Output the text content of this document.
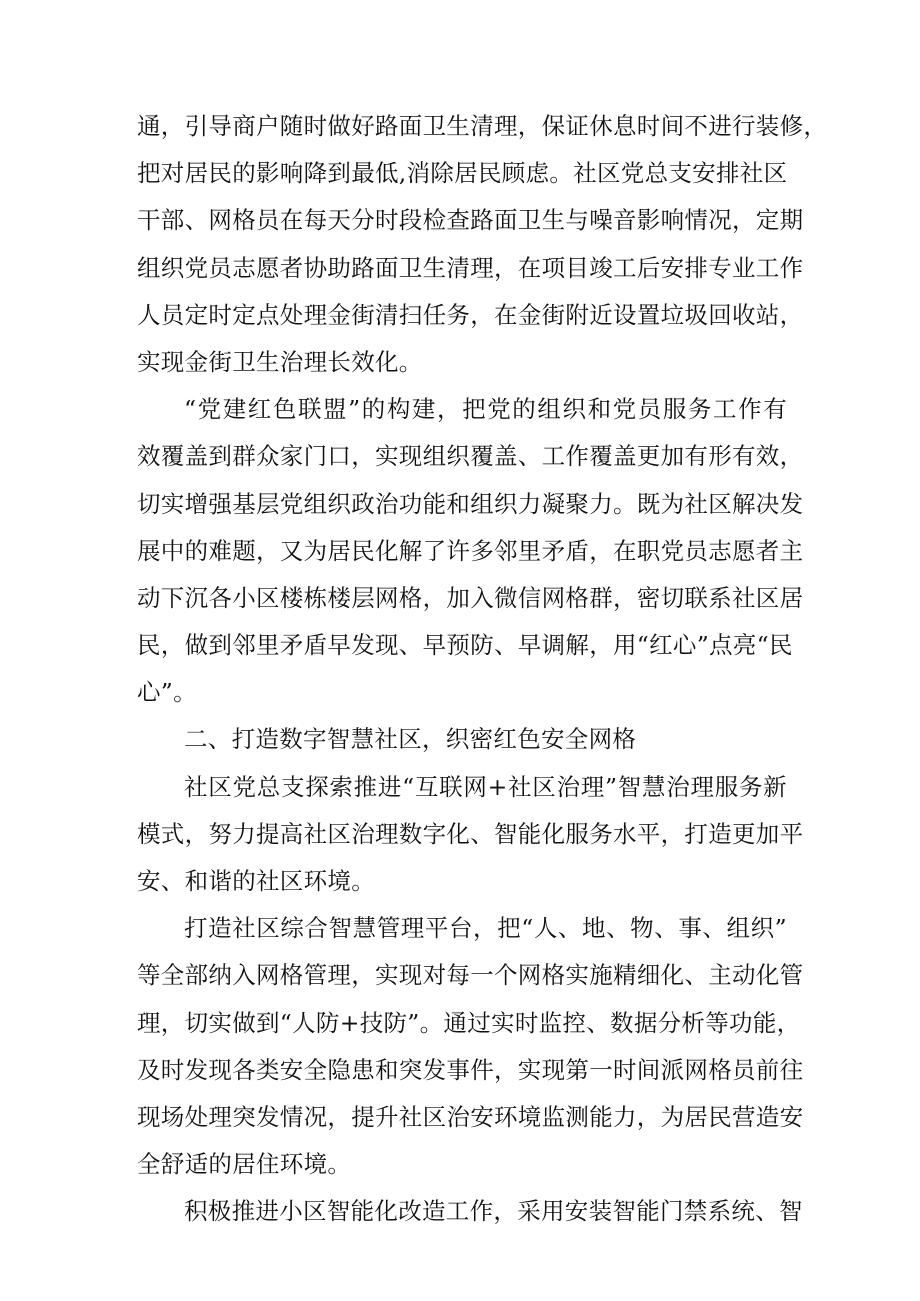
通，引导商户随时做好路面卫生清理，保证休息时间不进行装修，
把对居民的影响降到最低,消除居民顾虑。社区党总支安排社区
干部、网格员在每天分时段检查路面卫生与噪音影响情况，定期
组织党员志愿者协助路面卫生清理，在项目竣工后安排专业工作
人员定时定点处理金街清扫任务，在金街附近设置垃圾回收站，
实现金街卫生治理长效化。
“党建红色联盟”的构建，把党的组织和党员服务工作有
效覆盖到群众家门口，实现组织覆盖、工作覆盖更加有形有效，
切实增强基层党组织政治功能和组织力凝聚力。既为社区解决发
展中的难题，又为居民化解了许多邻里矛盾，在职党员志愿者主
动下沉各小区楼栋楼层网格，加入微信网格群，密切联系社区居
民，做到邻里矛盾早发现、早预防、早调解，用“红心”点亮“民
心”。
二、打造数字智慧社区，织密红色安全网格
社区党总支探索推进“互联网+社区治理”智慧治理服务新
模式，努力提高社区治理数字化、智能化服务水平，打造更加平
安、和谐的社区环境。
打造社区综合智慧管理平台，把“人、地、物、事、组织”
等全部纳入网格管理，实现对每一个网格实施精细化、主动化管
理，切实做到“人防+技防”。通过实时监控、数据分析等功能，
及时发现各类安全隐患和突发事件，实现第一时间派网格员前往
现场处理突发情况，提升社区治安环境监测能力，为居民营造安
全舒适的居住环境。
积极推进小区智能化改造工作，采用安装智能门禁系统、智
